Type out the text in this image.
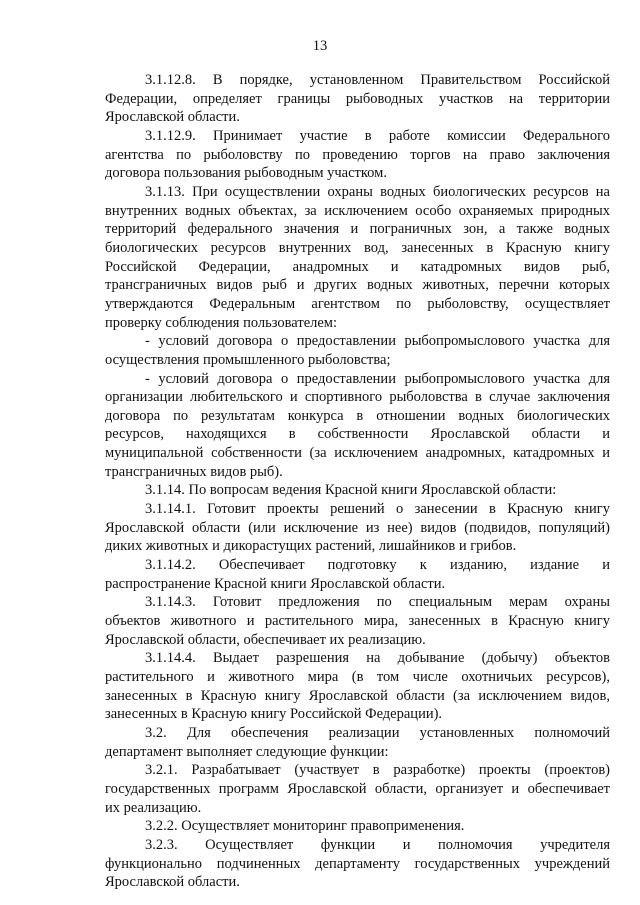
13

3.1.12.8. В порядке, установленном Правительством Российской
Федерации, определяет границы рыбоводных участков на территории
Ярославской области.

3.1.12.9. Принимает участие в работе комиссии Федерального
агентства по рыболовству по проведению торгов на право заключения
договора пользования рыбоводным участком.

3.1.13. При осуществлении охраны водных биологических ресурсов на
внутренних водных объектах, за исключением особо охраняемых природных
территорий федерального значения и пограничных зон, а также водных
биологических ресурсов внутренних вод, занесенных в Красную книгу
Российской Федерации, анадромных и катадромных видов рыб,
трансграничных видов рыб и других водных животных, перечни которых
утверждаются Федеральным агентством по рыболовству, осуществляет
проверку соблюдения пользователем:

- условий договора о предоставлении рыбопромыслового участка для
осуществления промышленного рыболовства;

- условий договора о предоставлении рыбопромыслового участка для
организации любительского и спортивного рыболовства в случае заключения
договора по результатам конкурса в отношении водных биологических
ресурсов, находящихся в собственности Ярославской области и
муниципальной собственности (за исключением анадромных, катадромных и
трансграничных видов рыб).

3.1.14. По вопросам ведения Красной книги Ярославской области:

3.1.14.1. Готовит проекты решений о занесении в Красную книгу
Ярославской области (или исключение из нее) видов (подвидов, популяций)
диких животных и дикорастущих растений, лишайников и грибов.

3.1.14.2. Обеспечивает подготовку к изданию, издание и
распространение Красной книги Ярославской области.

3.1.14.3. Готовит предложения по специальным мерам охраны
объектов животного и растительного мира, занесенных в Красную книгу
Ярославской области, обеспечивает их реализацию.

3.1.14.4. Выдает разрешения на добывание (добычу) объектов
растительного и животного мира (в том числе охотничьих ресурсов),
занесенных в Красную книгу Ярославской области (за исключением видов,
занесенных в Красную книгу Российской Федерации).

3.2. Для обеспечения реализации установленных полномочий
департамент выполняет следующие функции:

3.2.1. Разрабатывает (участвует в разработке) проекты (проектов)
государственных программ Ярославской области, организует и обеспечивает
их реализацию.

3.2.2. Осуществляет мониторинг правоприменения.

3.2.3. Осуществляет функции и полномочия учредителя
функционально подчиненных департаменту государственных учреждений
Ярославской области.
